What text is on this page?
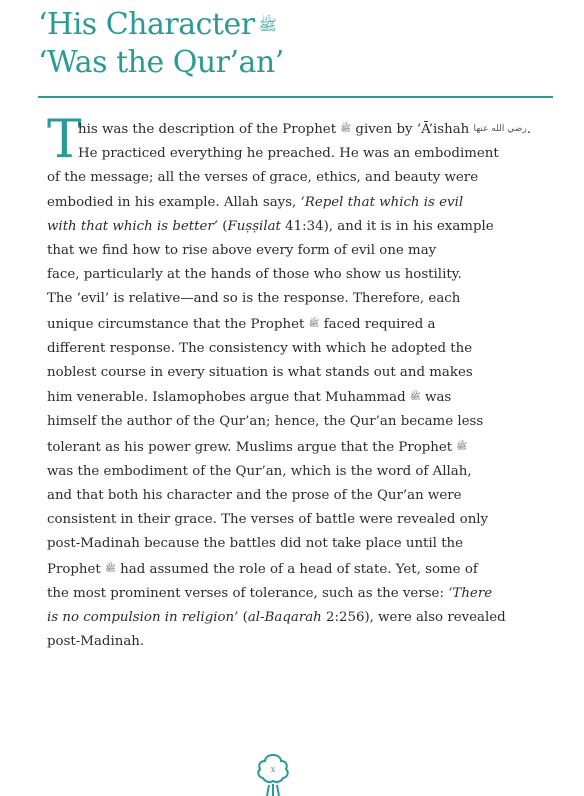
‘His Character ﷺ
‘Was the Qur’an’
T
his was the description of the Prophet ﷺ given by ‘Ā’ishah رضي الله عنها.
He practiced everything he preached. He was an embodiment
of the message; all the verses of grace, ethics, and beauty were
embodied in his example. Allah says, ‘Repel that which is evil
with that which is better’ (Fuṣṣilat 41:34), and it is in his example
that we find how to rise above every form of evil one may
face, particularly at the hands of those who show us hostility.
The ‘evil’ is relative—and so is the response. Therefore, each
unique circumstance that the Prophet ﷺ faced required a
different response. The consistency with which he adopted the
noblest course in every situation is what stands out and makes
him venerable. Islamophobes argue that Muhammad ﷺ was
himself the author of the Qur’an; hence, the Qur’an became less
tolerant as his power grew. Muslims argue that the Prophet ﷺ
was the embodiment of the Qur’an, which is the word of Allah,
and that both his character and the prose of the Qur’an were
consistent in their grace. The verses of battle were revealed only
post-Madinah because the battles did not take place until the
Prophet ﷺ had assumed the role of a head of state. Yet, some of
the most prominent verses of tolerance, such as the verse: ‘There
is no compulsion in religion’ (al-Baqarah 2:256), were also revealed
post-Madinah.
x
